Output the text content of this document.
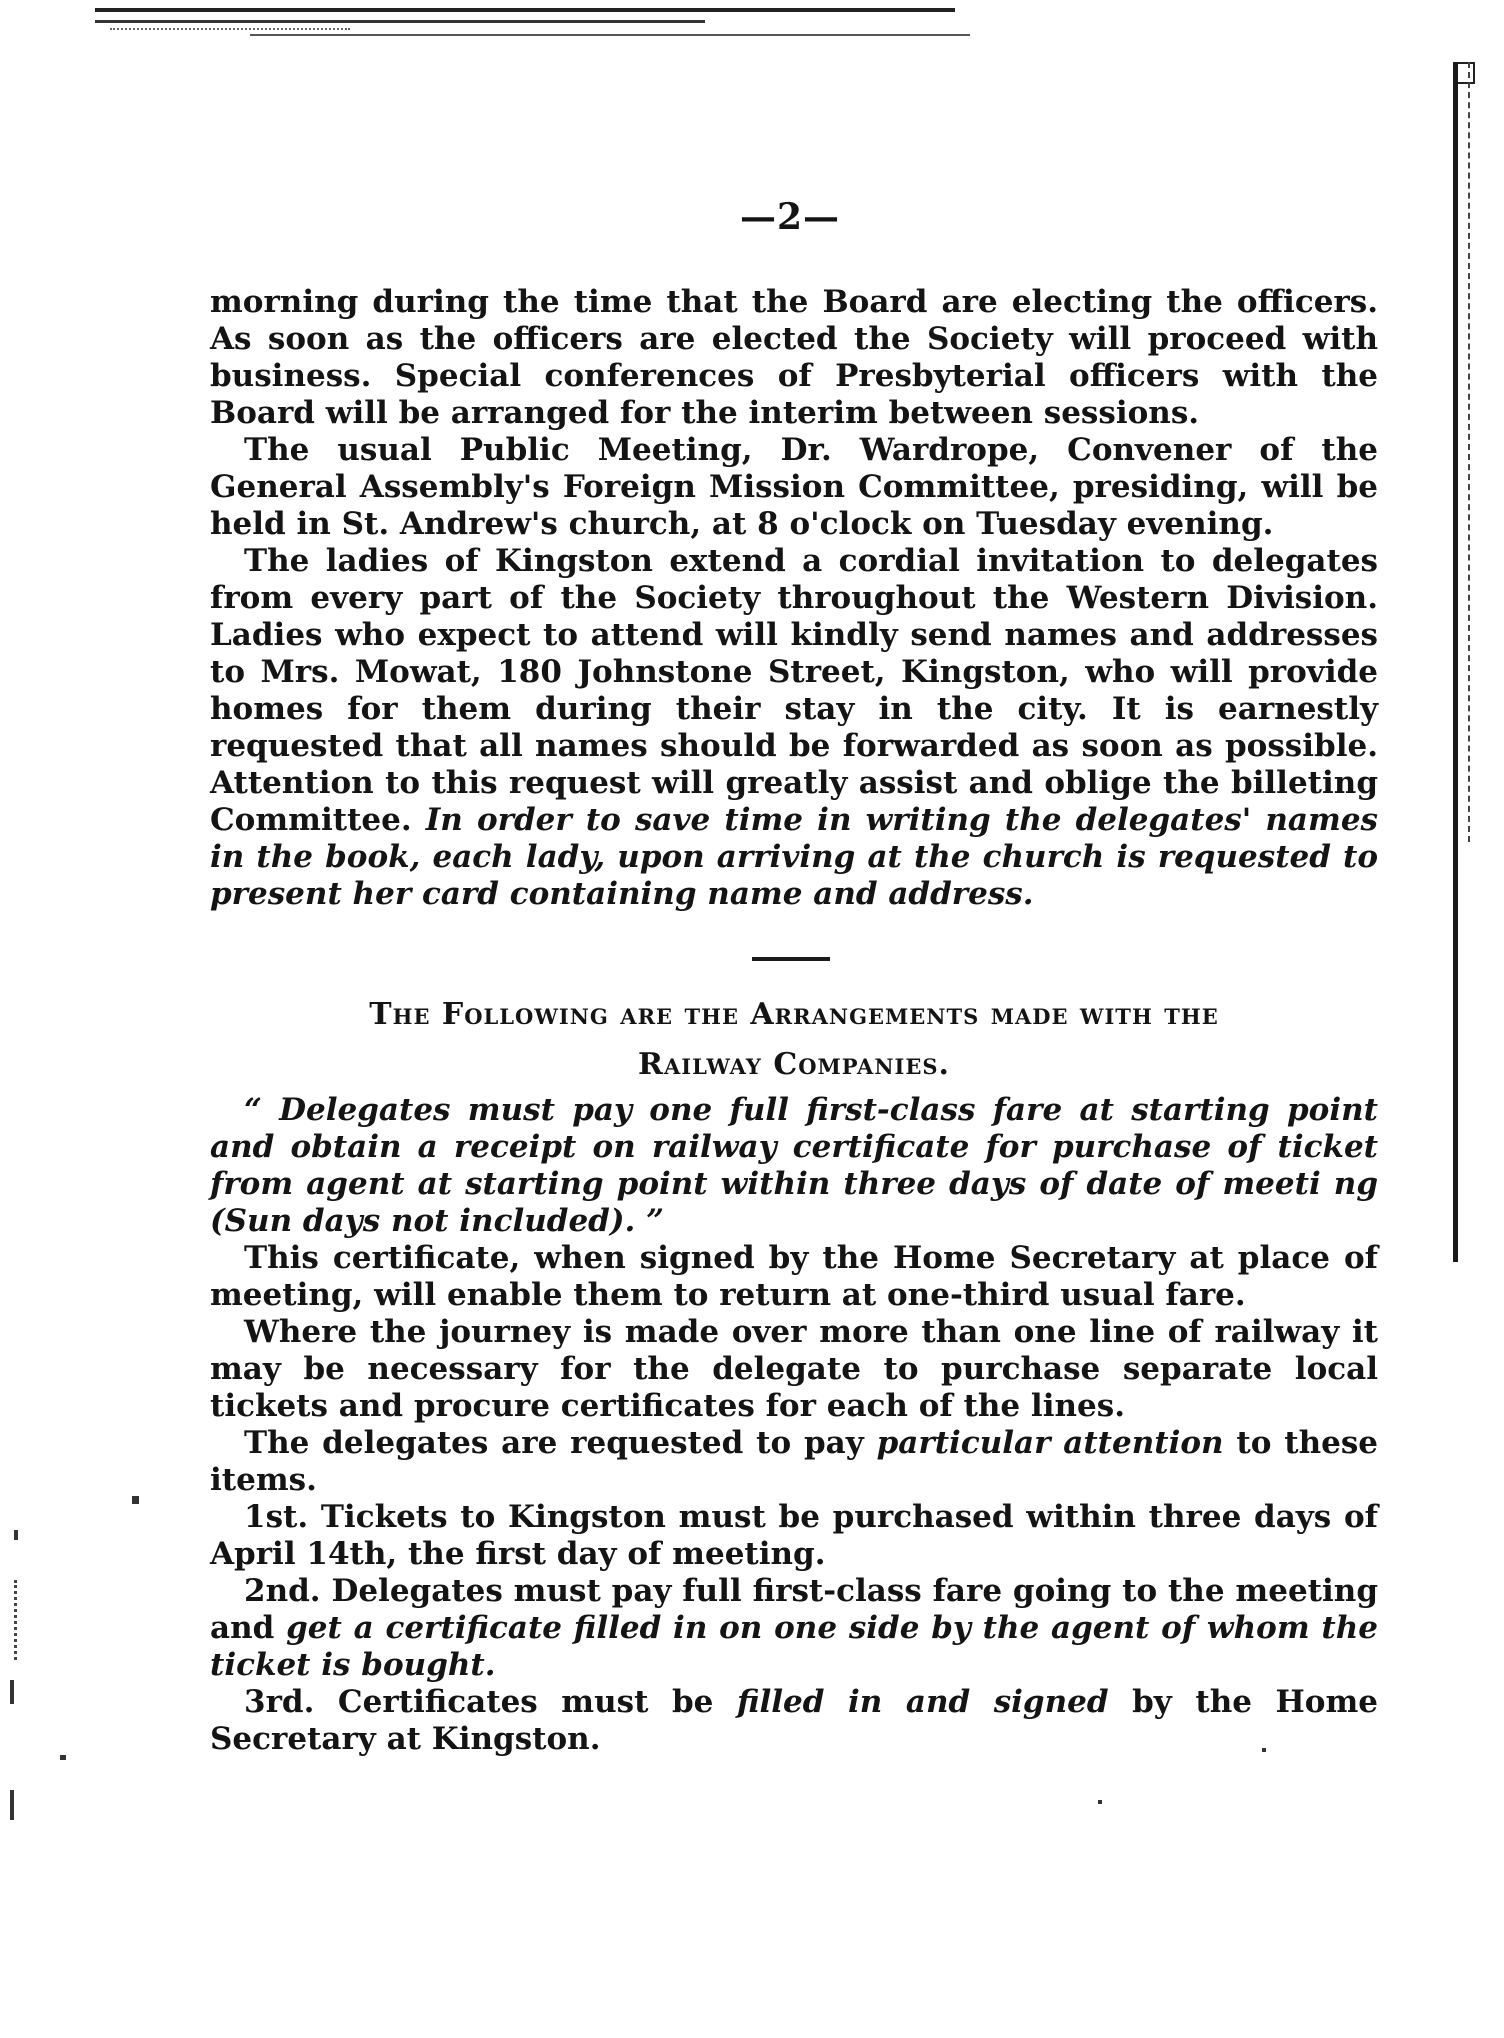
—2—

morning during the time that the Board are electing the officers. As soon as the officers are elected the Society will proceed with business. Special conferences of Presbyterial officers with the Board will be arranged for the interim between sessions.

The usual Public Meeting, Dr. Wardrope, Convener of the General Assembly's Foreign Mission Committee, presiding, will be held in St. Andrew's church, at 8 o'clock on Tuesday evening.

The ladies of Kingston extend a cordial invitation to delegates from every part of the Society throughout the Western Division. Ladies who expect to attend will kindly send names and addresses to Mrs. Mowat, 180 Johnstone Street, Kingston, who will provide homes for them during their stay in the city. It is earnestly requested that all names should be forwarded as soon as possible. Attention to this request will greatly assist and oblige the billeting Committee. In order to save time in writing the delegates' names in the book, each lady, upon arriving at the church is requested to present her card containing name and address.

The Following are the Arrangements made with the
Railway Companies.

“ Delegates must pay one full first-class fare at starting point and obtain a receipt on railway certificate for purchase of ticket from agent at starting point within three days of date of meeti ng (Sun days not included). ”

This certificate, when signed by the Home Secretary at place of meeting, will enable them to return at one-third usual fare.

Where the journey is made over more than one line of railway it may be necessary for the delegate to purchase separate local tickets and procure certificates for each of the lines.

The delegates are requested to pay particular attention to these items.

1st. Tickets to Kingston must be purchased within three days of April 14th, the first day of meeting.

2nd. Delegates must pay full first-class fare going to the meeting and get a certificate filled in on one side by the agent of whom the ticket is bought.

3rd. Certificates must be filled in and signed by the Home Secretary at Kingston.
